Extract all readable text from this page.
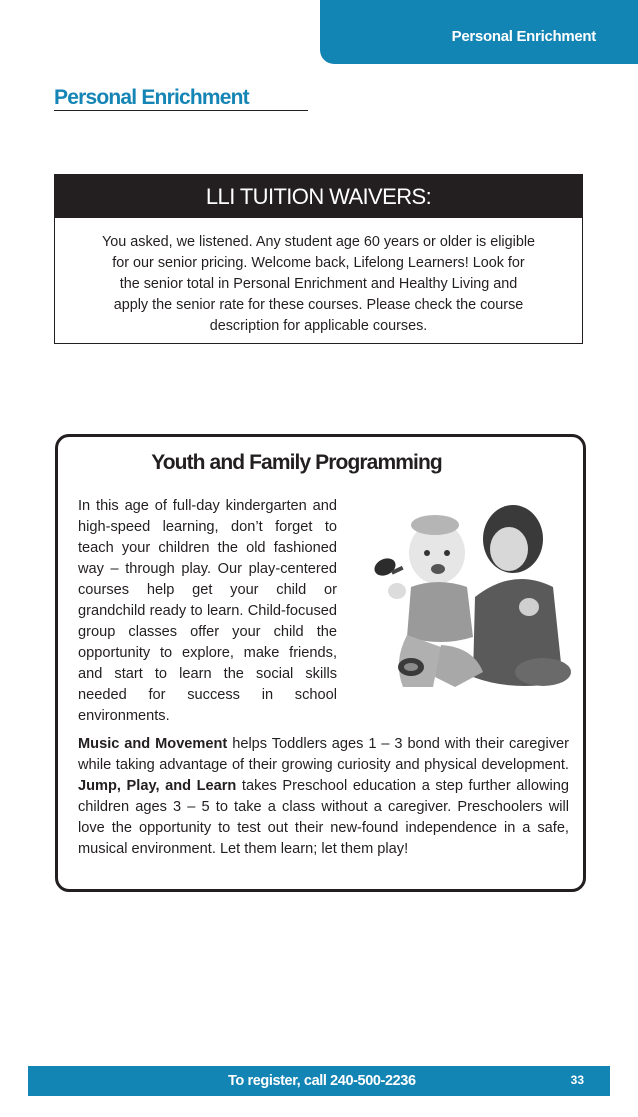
Personal Enrichment
Personal Enrichment
LLI TUITION WAIVERS:
You asked, we listened. Any student age 60 years or older is eligible
for our senior pricing. Welcome back, Lifelong Learners! Look for
the senior total in Personal Enrichment and Healthy Living and
apply the senior rate for these courses. Please check the course
description for applicable courses.
Youth and Family Programming
In this age of full-day kindergarten and high-speed learning, don’t forget to teach your children the old fashioned way – through play. Our play-centered courses help get your child or grandchild ready to learn. Child-focused group classes offer your child the opportunity to explore, make friends, and start to learn the social skills needed for success in school environments.
Music and Movement helps Toddlers ages 1 – 3 bond with their caregiver while taking advantage of their growing curiosity and physical development. Jump, Play, and Learn takes Preschool education a step further allowing children ages 3 – 5 to take a class without a caregiver. Preschoolers will love the opportunity to test out their new-found independence in a safe, musical environment. Let them learn; let them play!
To register, call 240-500-2236	33
